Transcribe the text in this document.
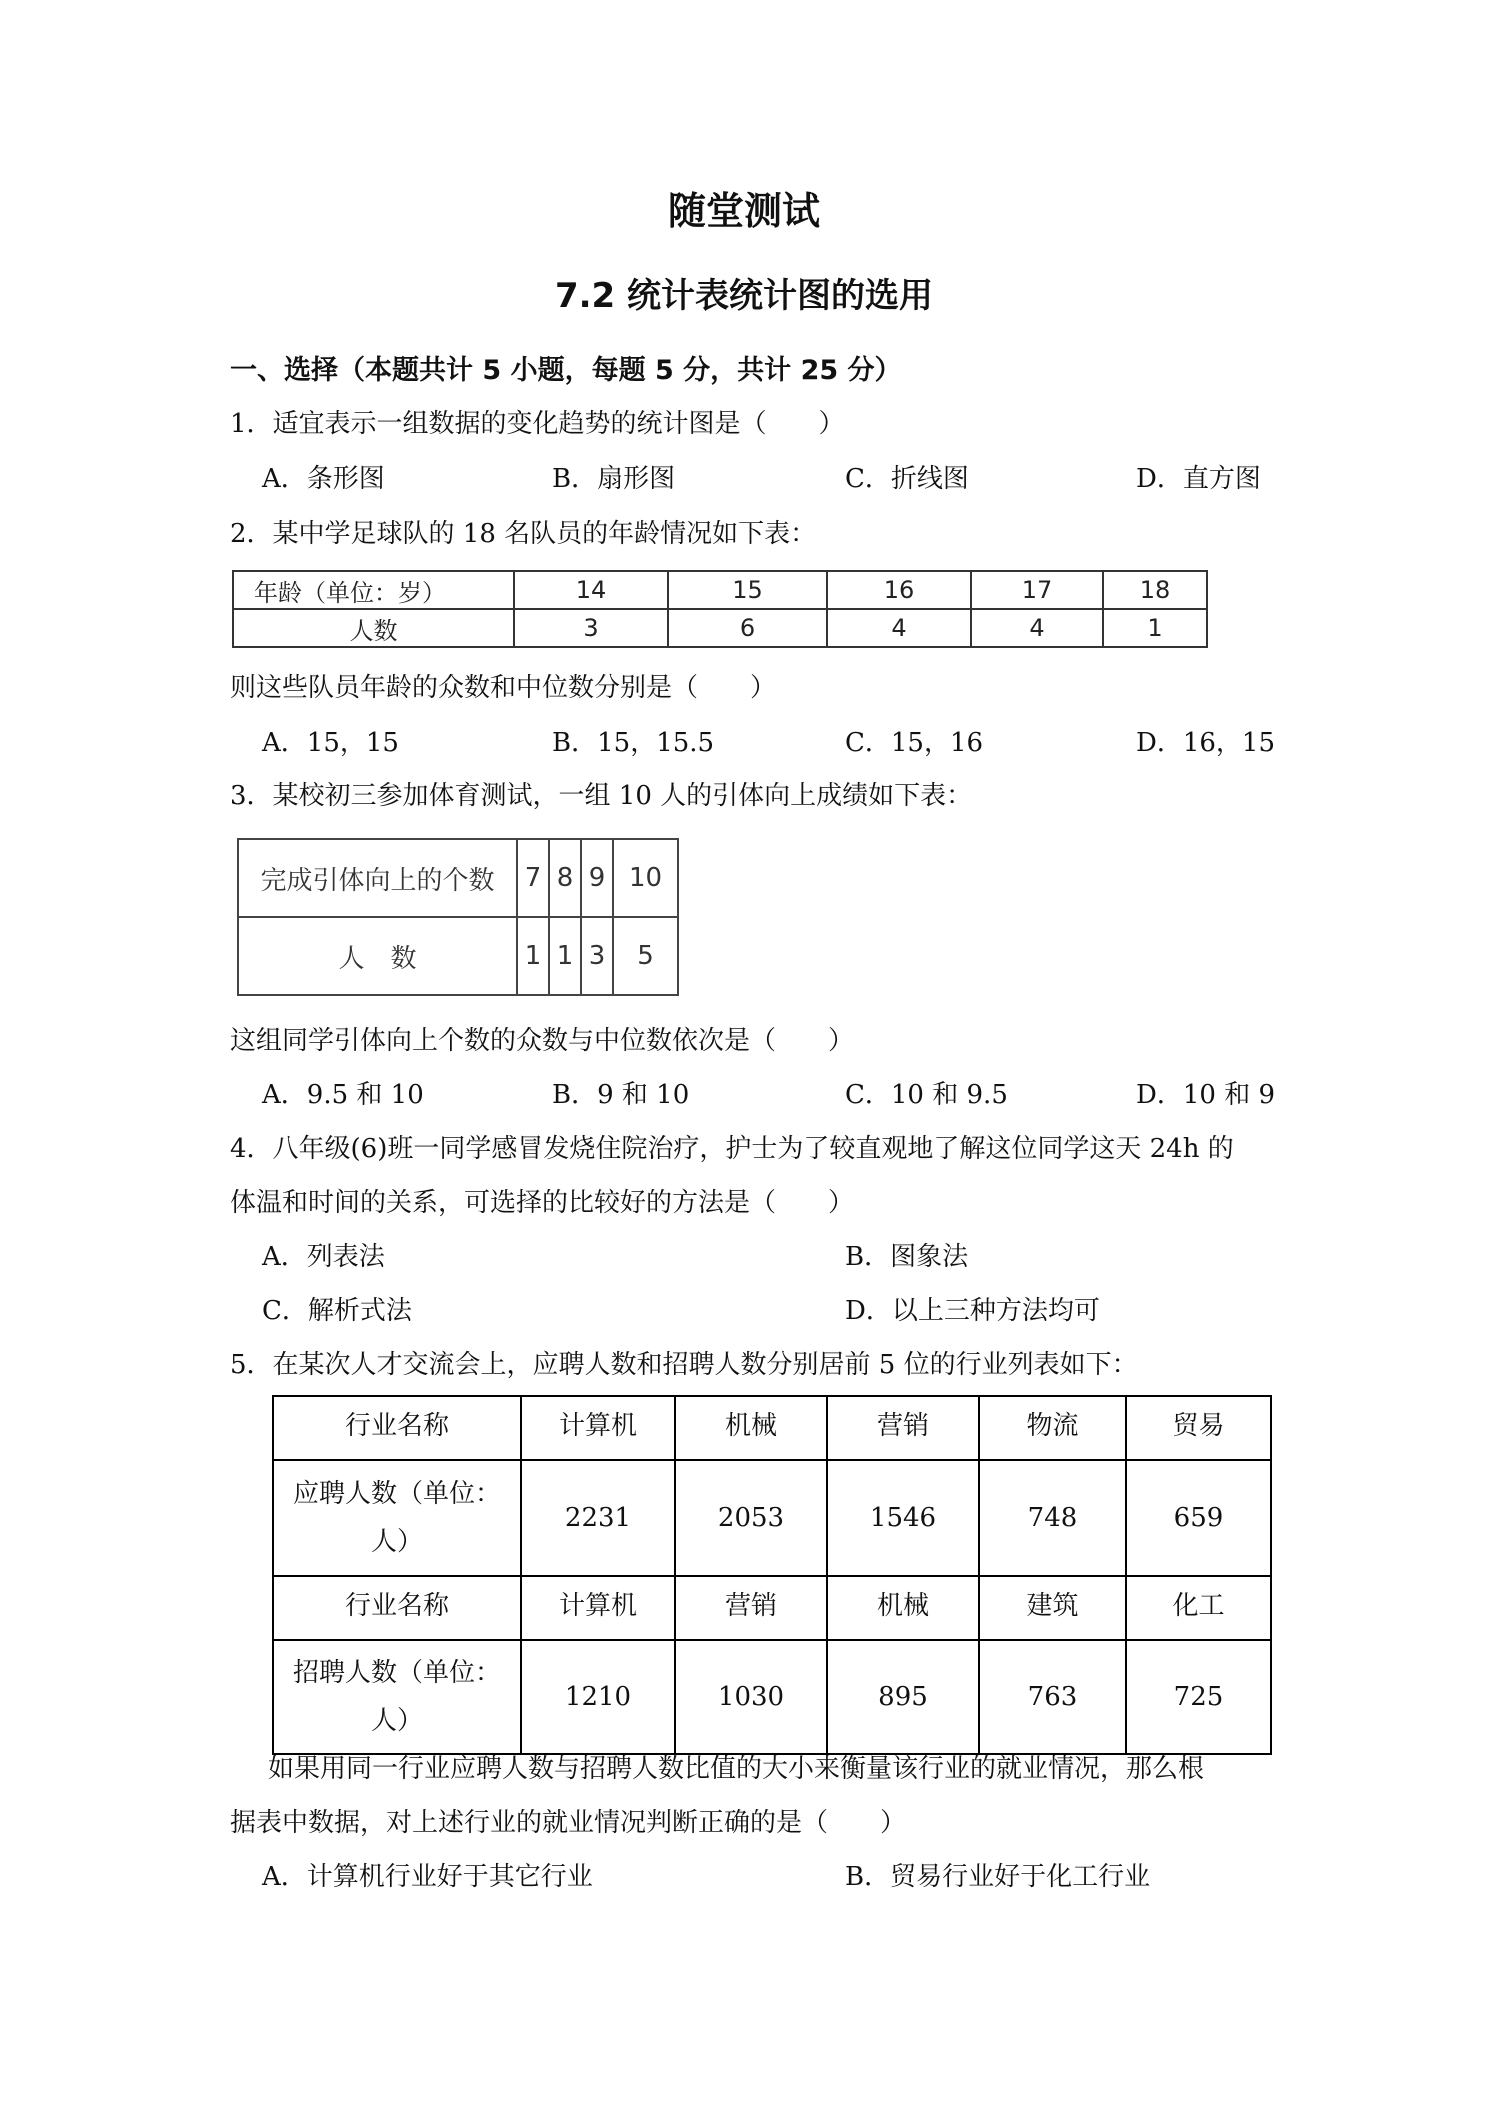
随堂测试
7.2 统计表统计图的选用
一、选择（本题共计 5 小题，每题 5 分，共计 25 分）
1．适宜表示一组数据的变化趋势的统计图是（　　）
A．条形图	B．扇形图	C．折线图	D．直方图
2．某中学足球队的 18 名队员的年龄情况如下表：
年龄（单位：岁）	14	15	16	17	18
人数	3	6	4	4	1
则这些队员年龄的众数和中位数分别是（　　）
A．15，15	B．15，15.5	C．15，16	D．16，15
3．某校初三参加体育测试，一组 10 人的引体向上成绩如下表：
完成引体向上的个数	7	8	9	10
人　数	1	1	3	5
这组同学引体向上个数的众数与中位数依次是（　　）
A．9.5 和 10	B．9 和 10	C．10 和 9.5	D．10 和 9
4．八年级(6)班一同学感冒发烧住院治疗，护士为了较直观地了解这位同学这天 24h 的
体温和时间的关系，可选择的比较好的方法是（　　）
A．列表法	B．图象法
C．解析式法	D．以上三种方法均可
5．在某次人才交流会上，应聘人数和招聘人数分别居前 5 位的行业列表如下：
行业名称	计算机	机械	营销	物流	贸易
应聘人数（单位：人）	2231	2053	1546	748	659
行业名称	计算机	营销	机械	建筑	化工
招聘人数（单位：人）	1210	1030	895	763	725
如果用同一行业应聘人数与招聘人数比值的大小来衡量该行业的就业情况，那么根
据表中数据，对上述行业的就业情况判断正确的是（　　）
A．计算机行业好于其它行业	B．贸易行业好于化工行业
